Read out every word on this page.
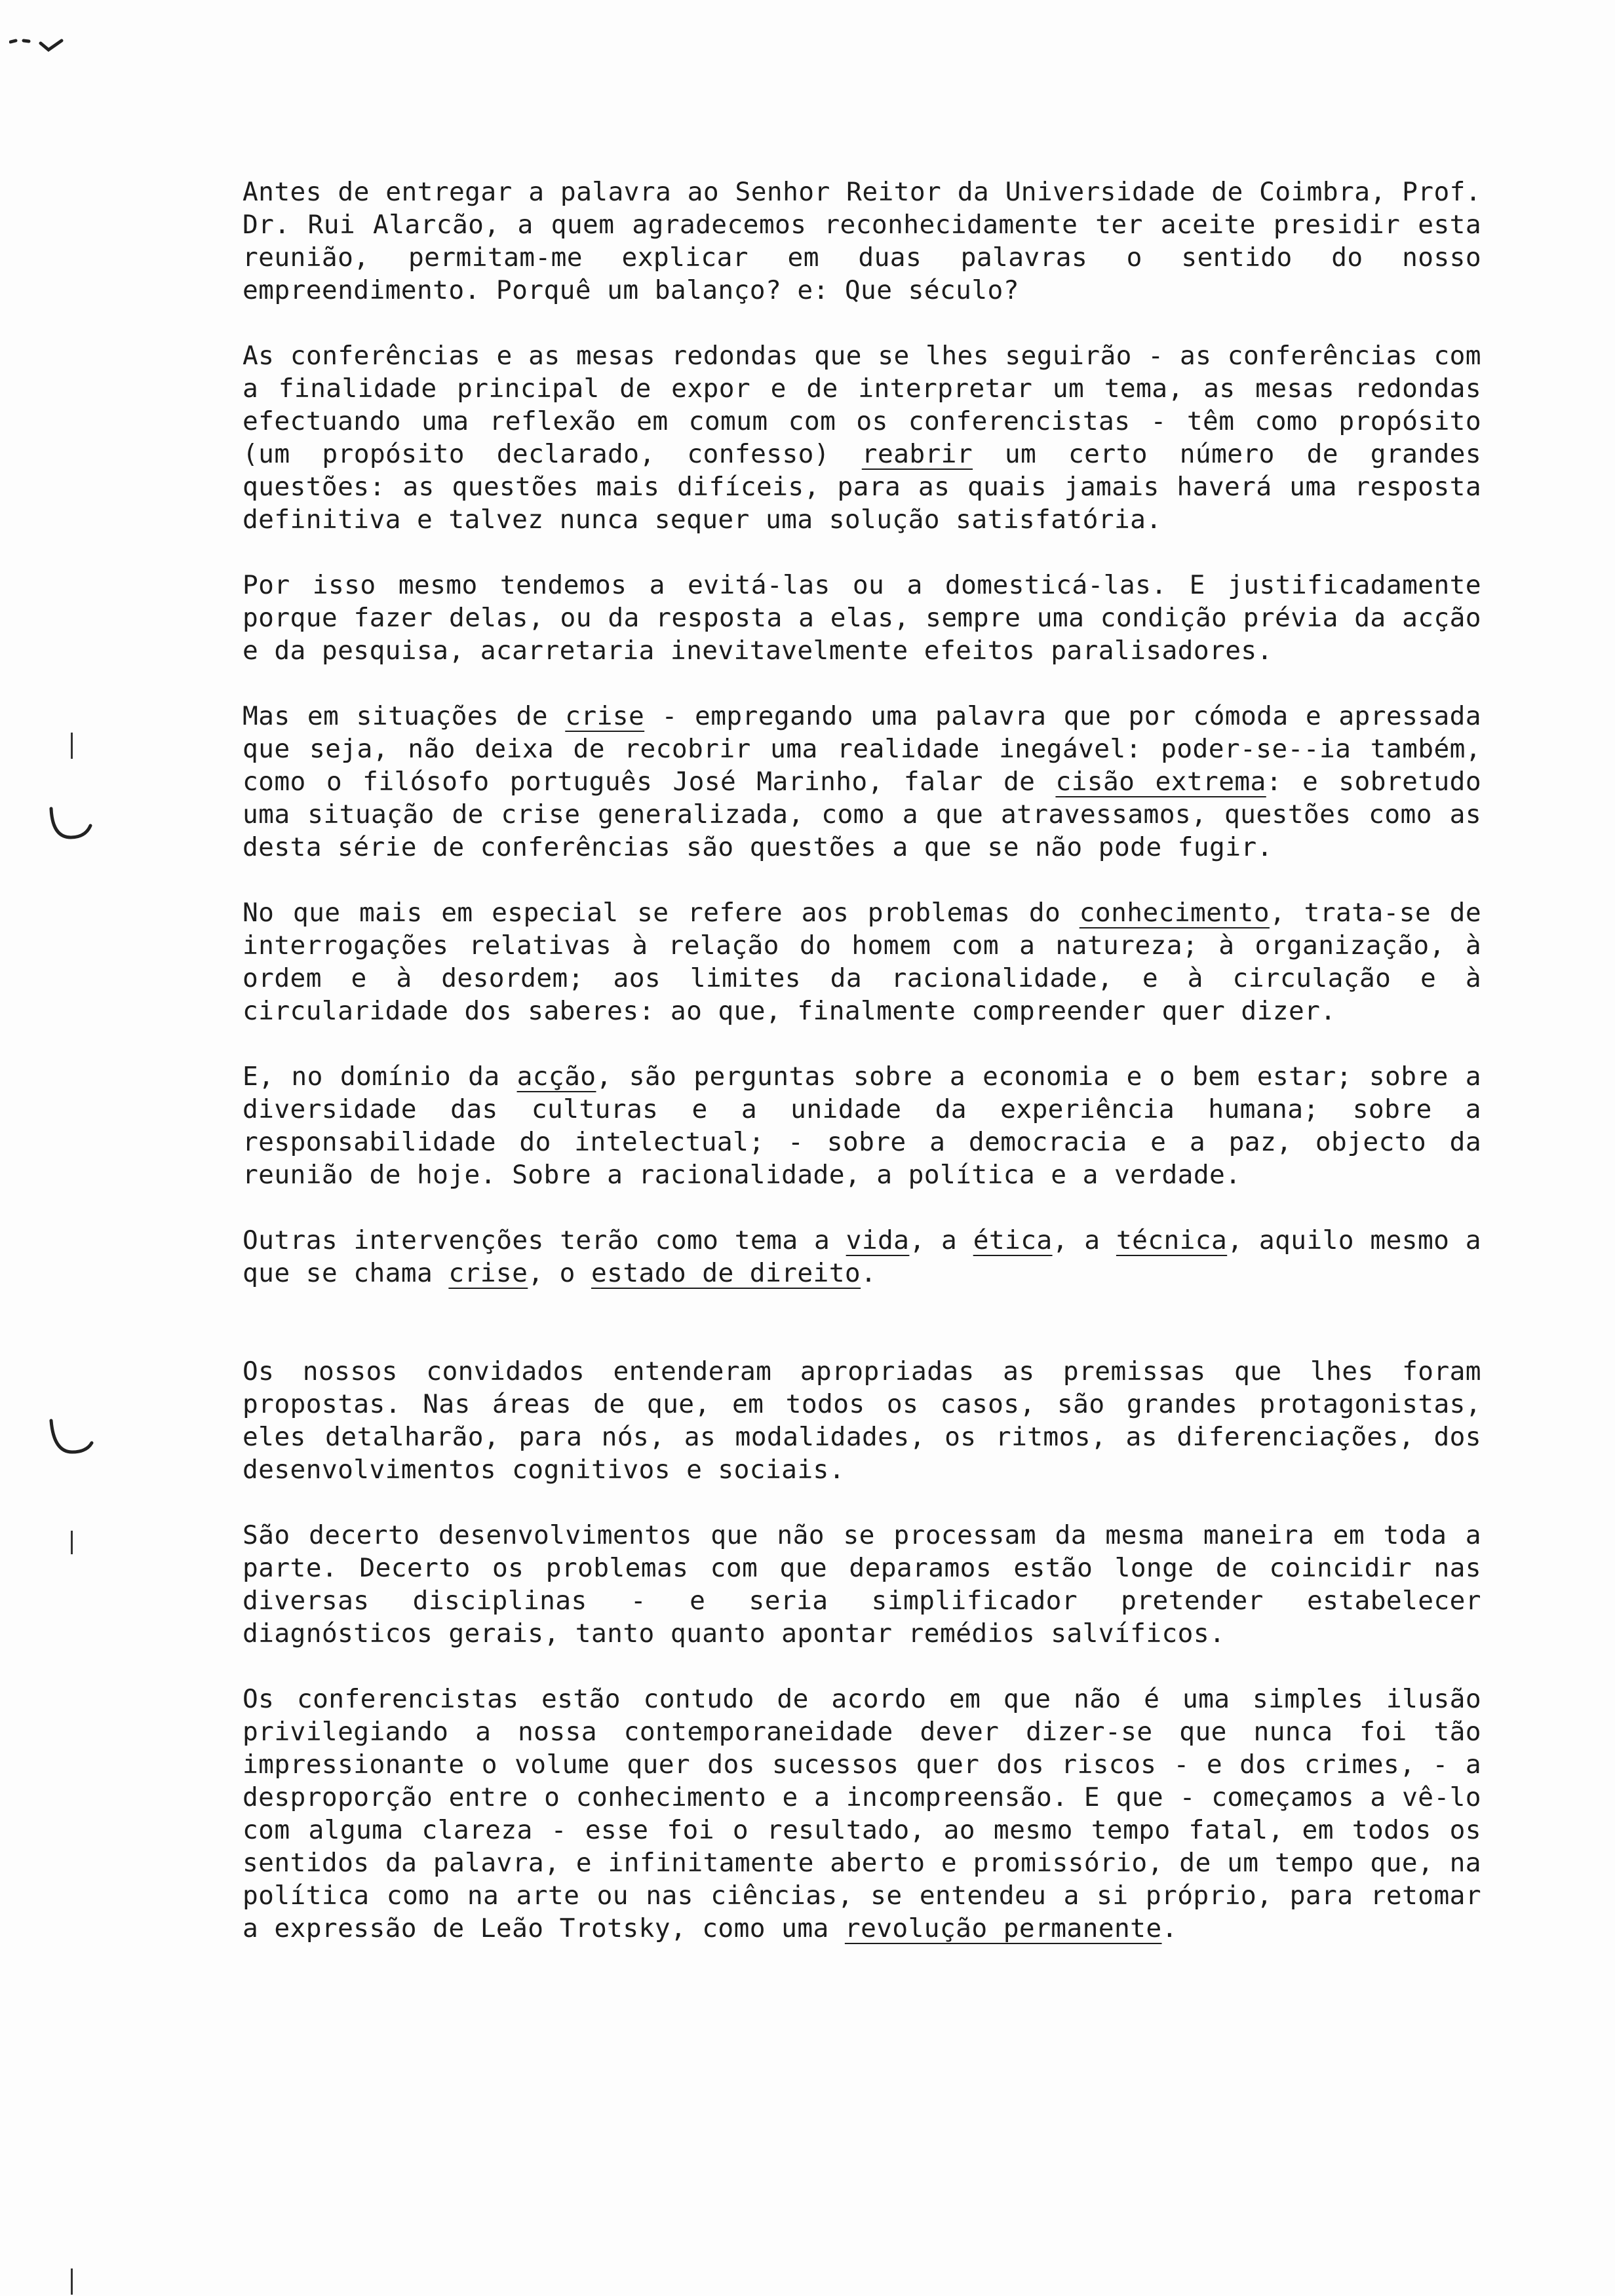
Antes de entregar a palavra ao Senhor Reitor da Universidade de Coimbra, Prof. Dr. Rui Alarcão, a quem agradecemos reconhecidamente ter aceite presidir esta reunião, permitam-me explicar em duas palavras o sentido do nosso empreendimento. Porquê um balanço? e: Que século?

As conferências e as mesas redondas que se lhes seguirão - as conferências com a finalidade principal de expor e de interpretar um tema, as mesas redondas efectuando uma reflexão em comum com os conferencistas - têm como propósito (um propósito declarado, confesso) reabrir um certo número de grandes questões: as questões mais difíceis, para as quais jamais haverá uma resposta definitiva e talvez nunca sequer uma solução satisfatória.

Por isso mesmo tendemos a evitá-las ou a domesticá-las. E justificadamente porque fazer delas, ou da resposta a elas, sempre uma condição prévia da acção e da pesquisa, acarretaria inevitavelmente efeitos paralisadores.

Mas em situações de crise - empregando uma palavra que por cómoda e apressada que seja, não deixa de recobrir uma realidade inegável: poder-se--ia também, como o filósofo português José Marinho, falar de cisão extrema: e sobretudo uma situação de crise generalizada, como a que atravessamos, questões como as desta série de conferências são questões a que se não pode fugir.

No que mais em especial se refere aos problemas do conhecimento, trata-se de interrogações relativas à relação do homem com a natureza; à organização, à ordem e à desordem; aos limites da racionalidade, e à circulação e à circularidade dos saberes: ao que, finalmente compreender quer dizer.

E, no domínio da acção, são perguntas sobre a economia e o bem estar; sobre a diversidade das culturas e a unidade da experiência humana; sobre a responsabilidade do intelectual; - sobre a democracia e a paz, objecto da reunião de hoje. Sobre a racionalidade, a política e a verdade.

Outras intervenções terão como tema a vida, a ética, a técnica, aquilo mesmo a que se chama crise, o estado de direito.

Os nossos convidados entenderam apropriadas as premissas que lhes foram propostas. Nas áreas de que, em todos os casos, são grandes protagonistas, eles detalharão, para nós, as modalidades, os ritmos, as diferenciações, dos desenvolvimentos cognitivos e sociais.

São decerto desenvolvimentos que não se processam da mesma maneira em toda a parte. Decerto os problemas com que deparamos estão longe de coincidir nas diversas disciplinas - e seria simplificador pretender estabelecer diagnósticos gerais, tanto quanto apontar remédios salvíficos.

Os conferencistas estão contudo de acordo em que não é uma simples ilusão privilegiando a nossa contemporaneidade dever dizer-se que nunca foi tão impressionante o volume quer dos sucessos quer dos riscos - e dos crimes, - a desproporção entre o conhecimento e a incompreensão. E que - começamos a vê-lo com alguma clareza - esse foi o resultado, ao mesmo tempo fatal, em todos os sentidos da palavra, e infinitamente aberto e promissório, de um tempo que, na política como na arte ou nas ciências, se entendeu a si próprio, para retomar a expressão de Leão Trotsky, como uma revolução permanente.
